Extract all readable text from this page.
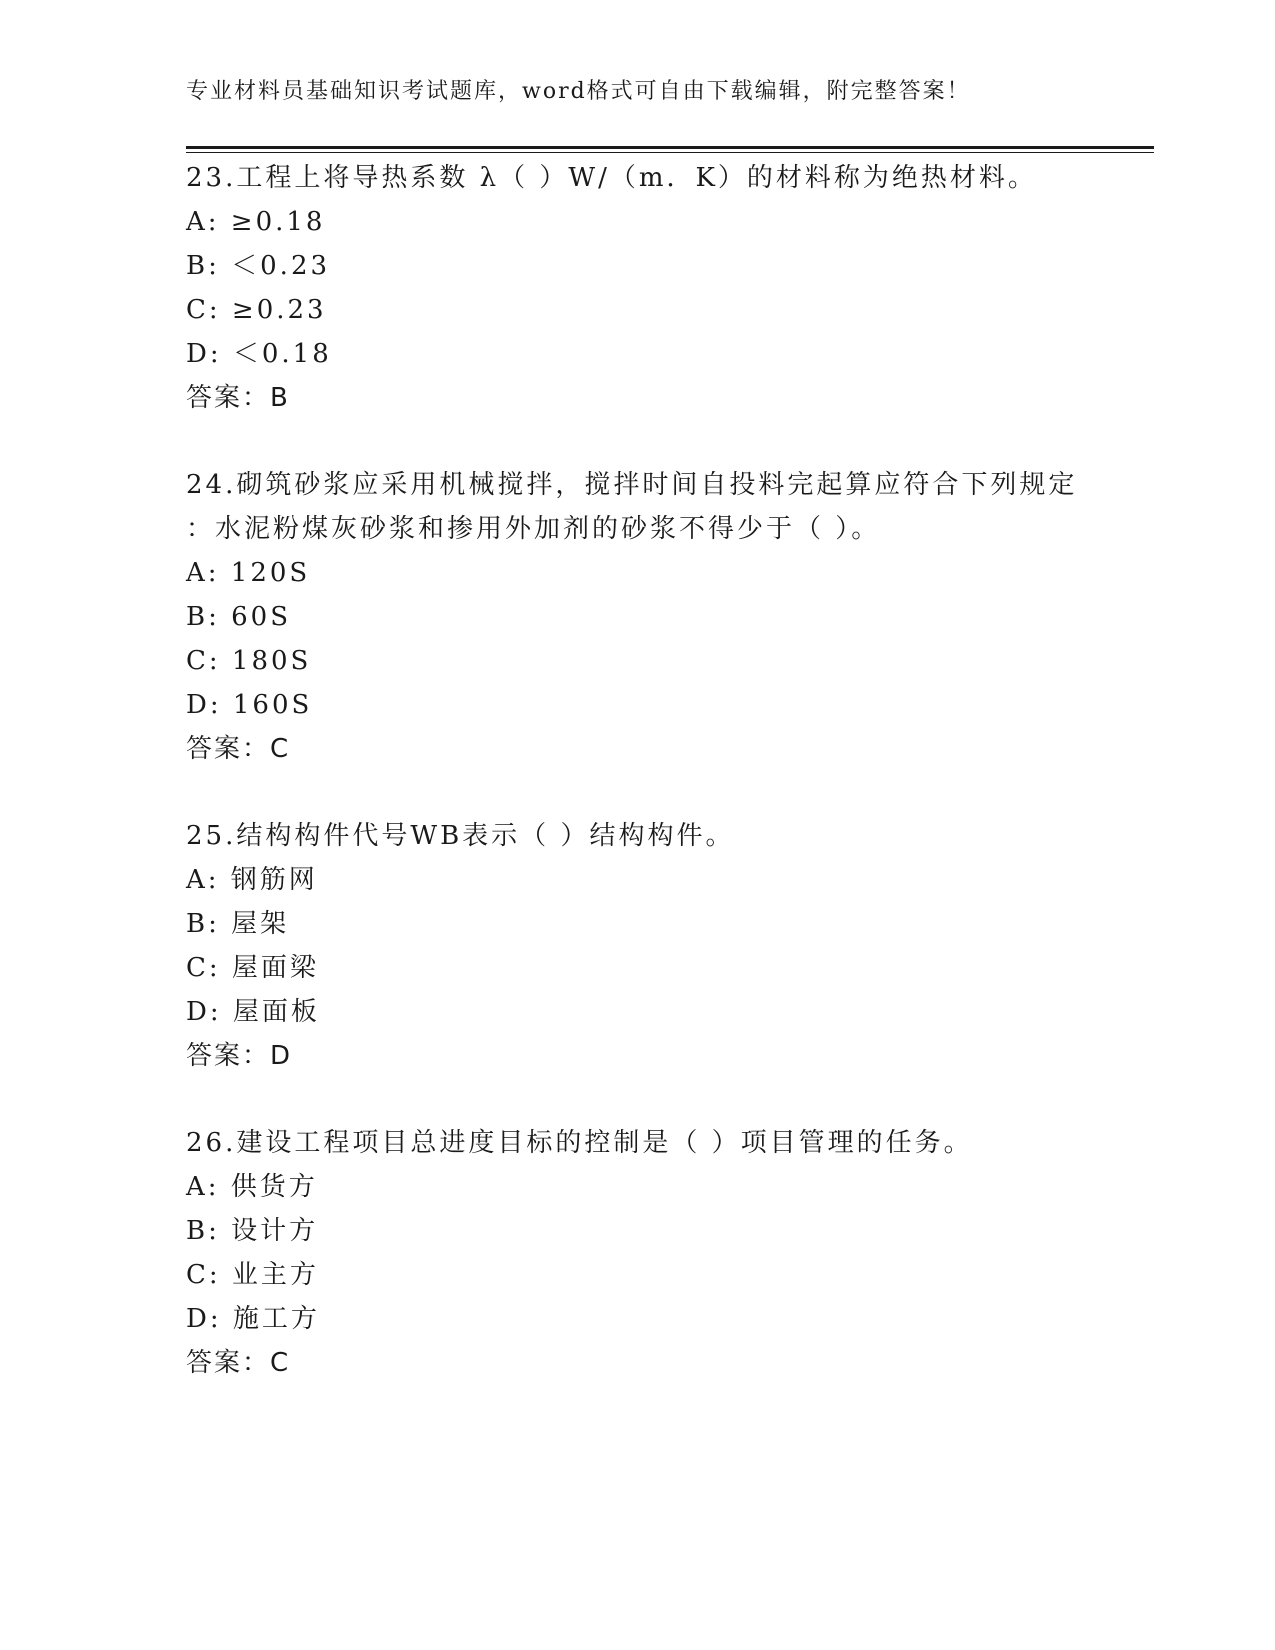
专业材料员基础知识考试题库，word格式可自由下载编辑，附完整答案！
23.工程上将导热系数 λ（ ）W/（m．K）的材料称为绝热材料。
A: ≥0.18
B: ＜0.23
C: ≥0.23
D: ＜0.18
答案：B
24.砌筑砂浆应采用机械搅拌，搅拌时间自投料完起算应符合下列规定
：水泥粉煤灰砂浆和掺用外加剂的砂浆不得少于（ ）。
A: 120S
B: 60S
C: 180S
D: 160S
答案：C
25.结构构件代号WB表示（ ）结构构件。
A: 钢筋网
B: 屋架
C: 屋面梁
D: 屋面板
答案：D
26.建设工程项目总进度目标的控制是（ ）项目管理的任务。
A: 供货方
B: 设计方
C: 业主方
D: 施工方
答案：C
